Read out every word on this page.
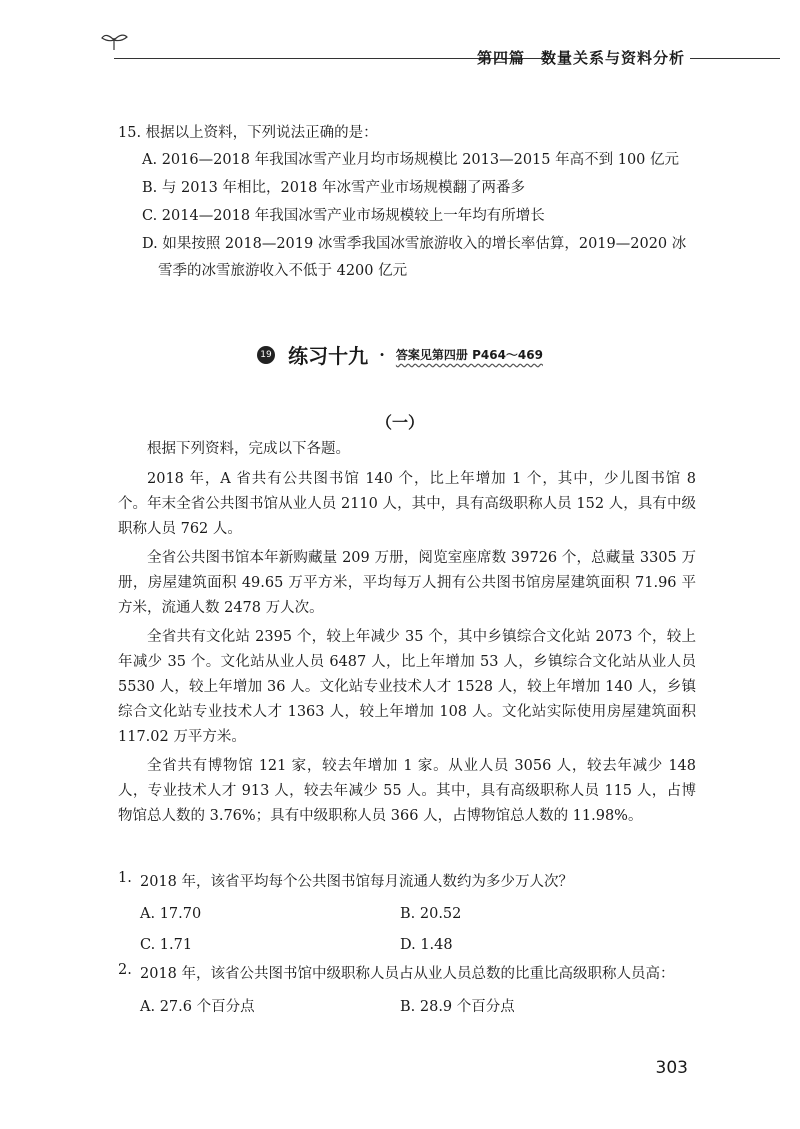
第四篇　数量关系与资料分析
15. 根据以上资料，下列说法正确的是：
A. 2016—2018 年我国冰雪产业月均市场规模比 2013—2015 年高不到 100 亿元
B. 与 2013 年相比，2018 年冰雪产业市场规模翻了两番多
C. 2014—2018 年我国冰雪产业市场规模较上一年均有所增长
D. 如果按照 2018—2019 冰雪季我国冰雪旅游收入的增长率估算，2019—2020 冰
雪季的冰雪旅游收入不低于 4200 亿元
19 练习十九 · 答案见第四册 P464～469
（一）

根据下列资料，完成以下各题。

2018 年，A 省共有公共图书馆 140 个，比上年增加 1 个，其中，少儿图书馆 8 个。年末全省公共图书馆从业人员 2110 人，其中，具有高级职称人员 152 人，具有中级职称人员 762 人。

全省公共图书馆本年新购藏量 209 万册，阅览室座席数 39726 个，总藏量 3305 万册，房屋建筑面积 49.65 万平方米，平均每万人拥有公共图书馆房屋建筑面积 71.96 平方米，流通人数 2478 万人次。

全省共有文化站 2395 个，较上年减少 35 个，其中乡镇综合文化站 2073 个，较上年减少 35 个。文化站从业人员 6487 人，比上年增加 53 人，乡镇综合文化站从业人员 5530 人，较上年增加 36 人。文化站专业技术人才 1528 人，较上年增加 140 人，乡镇综合文化站专业技术人才 1363 人，较上年增加 108 人。文化站实际使用房屋建筑面积 117.02 万平方米。

全省共有博物馆 121 家，较去年增加 1 家。从业人员 3056 人，较去年减少 148 人，专业技术人才 913 人，较去年减少 55 人。其中，具有高级职称人员 115 人，占博物馆总人数的 3.76%；具有中级职称人员 366 人，占博物馆总人数的 11.98%。

1. 2018 年，该省平均每个公共图书馆每月流通人数约为多少万人次？
A. 17.70	B. 20.52
C. 1.71	D. 1.48
2. 2018 年，该省公共图书馆中级职称人员占从业人员总数的比重比高级职称人员高：
A. 27.6 个百分点	B. 28.9 个百分点
303
